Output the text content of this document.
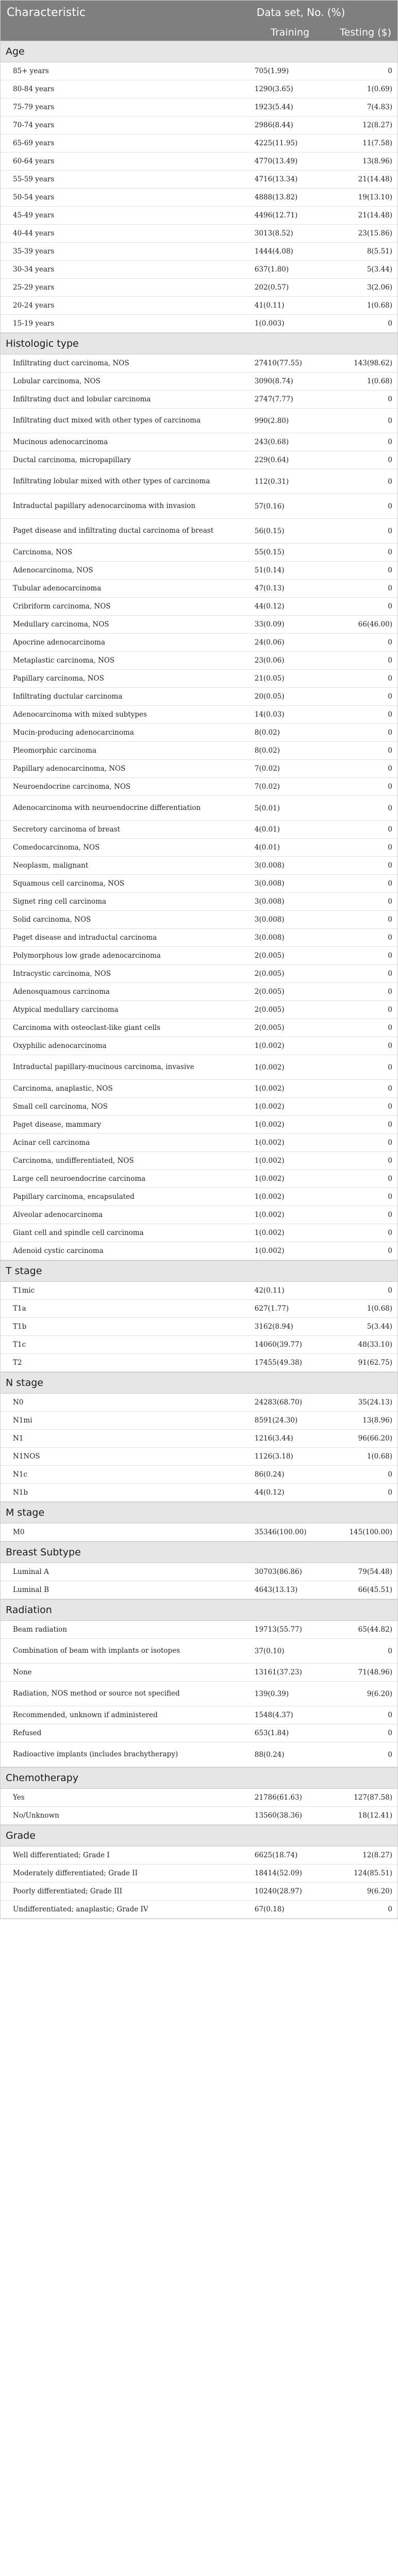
Characteristic	Data set, No. (%)
Training	Testing ($)
Age
85+ years	705(1.99)	0
80-84 years	1290(3.65)	1(0.69)
75-79 years	1923(5.44)	7(4.83)
70-74 years	2986(8.44)	12(8.27)
65-69 years	4225(11.95)	11(7.58)
60-64 years	4770(13.49)	13(8.96)
55-59 years	4716(13.34)	21(14.48)
50-54 years	4888(13.82)	19(13.10)
45-49 years	4496(12.71)	21(14.48)
40-44 years	3013(8.52)	23(15.86)
35-39 years	1444(4.08)	8(5.51)
30-34 years	637(1.80)	5(3.44)
25-29 years	202(0.57)	3(2.06)
20-24 years	41(0.11)	1(0.68)
15-19 years	1(0.003)	0
Histologic type
Infiltrating duct carcinoma, NOS	27410(77.55)	143(98.62)
Lobular carcinoma, NOS	3090(8.74)	1(0.68)
Infiltrating duct and lobular carcinoma	2747(7.77)	0
Infiltrating duct mixed with other types of carcinoma	990(2.80)	0
Mucinous adenocarcinoma	243(0.68)	0
Ductal carcinoma, micropapillary	229(0.64)	0
Infiltrating lobular mixed with other types of carcinoma	112(0.31)	0
Intraductal papillary adenocarcinoma with invasion	57(0.16)	0
Paget disease and infiltrating ductal carcinoma of breast	56(0.15)	0
Carcinoma, NOS	55(0.15)	0
Adenocarcinoma, NOS	51(0.14)	0
Tubular adenocarcinoma	47(0.13)	0
Cribriform carcinoma, NOS	44(0.12)	0
Medullary carcinoma, NOS	33(0.09)	66(46.00)
Apocrine adenocarcinoma	24(0.06)	0
Metaplastic carcinoma, NOS	23(0.06)	0
Papillary carcinoma, NOS	21(0.05)	0
Infiltrating ductular carcinoma	20(0.05)	0
Adenocarcinoma with mixed subtypes	14(0.03)	0
Mucin-producing adenocarcinoma	8(0.02)	0
Pleomorphic carcinoma	8(0.02)	0
Papillary adenocarcinoma, NOS	7(0.02)	0
Neuroendocrine carcinoma, NOS	7(0.02)	0
Adenocarcinoma with neuroendocrine differentiation	5(0.01)	0
Secretory carcinoma of breast	4(0.01)	0
Comedocarcinoma, NOS	4(0.01)	0
Neoplasm, malignant	3(0.008)	0
Squamous cell carcinoma, NOS	3(0.008)	0
Signet ring cell carcinoma	3(0.008)	0
Solid carcinoma, NOS	3(0.008)	0
Paget disease and intraductal carcinoma	3(0.008)	0
Polymorphous low grade adenocarcinoma	2(0.005)	0
Intracystic carcinoma, NOS	2(0.005)	0
Adenosquamous carcinoma	2(0.005)	0
Atypical medullary carcinoma	2(0.005)	0
Carcinoma with osteoclast-like giant cells	2(0.005)	0
Oxyphilic adenocarcinoma	1(0.002)	0
Intraductal papillary-mucinous carcinoma, invasive	1(0.002)	0
Carcinoma, anaplastic, NOS	1(0.002)	0
Small cell carcinoma, NOS	1(0.002)	0
Paget disease, mammary	1(0.002)	0
Acinar cell carcinoma	1(0.002)	0
Carcinoma, undifferentiated, NOS	1(0.002)	0
Large cell neuroendocrine carcinoma	1(0.002)	0
Papillary carcinoma, encapsulated	1(0.002)	0
Alveolar adenocarcinoma	1(0.002)	0
Giant cell and spindle cell carcinoma	1(0.002)	0
Adenoid cystic carcinoma	1(0.002)	0
T stage
T1mic	42(0.11)	0
T1a	627(1.77)	1(0.68)
T1b	3162(8.94)	5(3.44)
T1c	14060(39.77)	48(33.10)
T2	17455(49.38)	91(62.75)
N stage
N0	24283(68.70)	35(24.13)
N1mi	8591(24.30)	13(8.96)
N1	1216(3.44)	96(66.20)
N1NOS	1126(3.18)	1(0.68)
N1c	86(0.24)	0
N1b	44(0.12)	0
M stage
M0	35346(100.00)	145(100.00)
Breast Subtype
Luminal A	30703(86.86)	79(54.48)
Luminal B	4643(13.13)	66(45.51)
Radiation
Beam radiation	19713(55.77)	65(44.82)
Combination of beam with implants or isotopes	37(0.10)	0
None	13161(37.23)	71(48.96)
Radiation, NOS method or source not specified	139(0.39)	9(6.20)
Recommended, unknown if administered	1548(4.37)	0
Refused	653(1.84)	0
Radioactive implants (includes brachytherapy)	88(0.24)	0
Chemotherapy
Yes	21786(61.63)	127(87.58)
No/Unknown	13560(38.36)	18(12.41)
Grade
Well differentiated; Grade I	6625(18.74)	12(8.27)
Moderately differentiated; Grade II	18414(52.09)	124(85.51)
Poorly differentiated; Grade III	10240(28.97)	9(6.20)
Undifferentiated; anaplastic; Grade IV	67(0.18)	0
